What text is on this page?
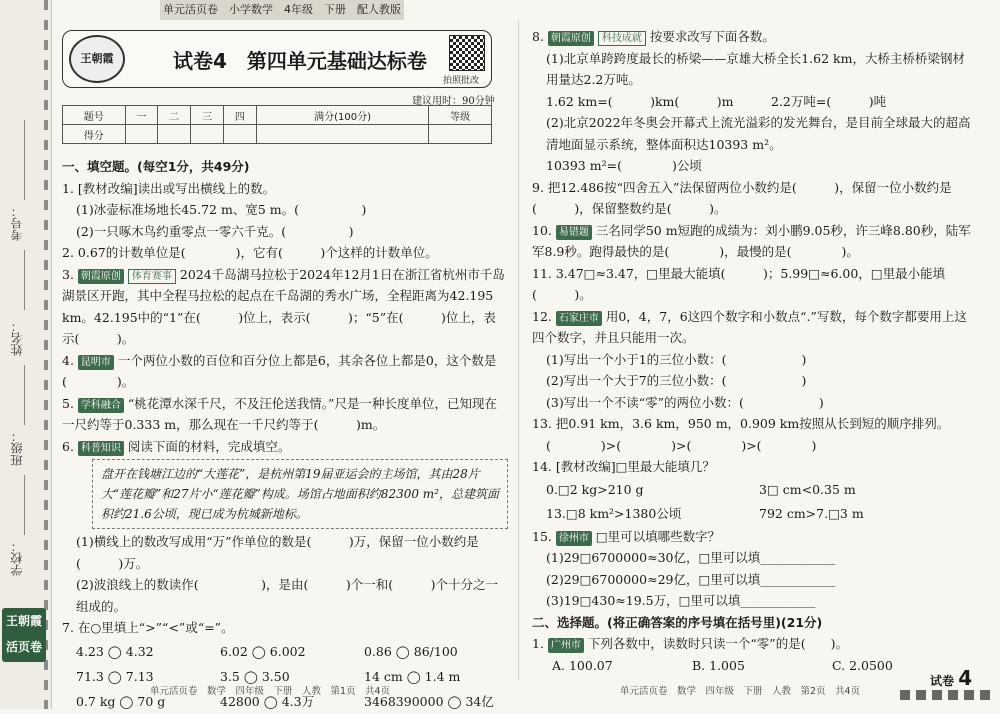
考号：
姓名：
班级：
学校：
王朝霞活页卷
单元活页卷　小学数学　4年级　下册　配人教版
王朝霞	试卷4　第四单元基础达标卷
拍照批改
建议用时：90分钟
题号	一	二	三	四	满分(100分)	等级
得分						
一、填空题。(每空1分，共49分)
1. [教材改编]读出或写出横线上的数。
(1)冰壶标准场地长45.72 m、宽5 m。(　　　　　)
(2)一只啄木鸟约重零点一零六千克。(　　　　　)
2. 0.67的计数单位是(　　　　)，它有(　　　)个这样的计数单位。
3. 朝霞原创 体育赛事 2024千岛湖马拉松于2024年12月1日在浙江省杭州市千岛湖景区开跑，其中全程马拉松的起点在千岛湖的秀水广场，全程距离为42.195 km。42.195中的“1”在(　　　)位上，表示(　　　)；“5”在(　　　)位上，表示(　　　)。
4. 昆明市 一个两位小数的百位和百分位上都是6，其余各位上都是0，这个数是(　　　　)。
5. 学科融合 “桃花潭水深千尺，不及汪伦送我情。”尺是一种长度单位，已知现在一尺约等于0.333 m，那么现在一千尺约等于(　　　)m。
6. 科普知识 阅读下面的材料，完成填空。
盘开在钱塘江边的“大莲花”，是杭州第19届亚运会的主场馆，其由28片大“莲花瓣”和27片小“莲花瓣”构成。场馆占地面积约82300 m²，总建筑面积约21.6公顷，现已成为杭城新地标。
(1)横线上的数改写成用“万”作单位的数是(　　　)万，保留一位小数约是(　　　)万。
(2)波浪线上的数读作(　　　　　)，是由(　　　)个一和(　　　)个十分之一组成的。
7. 在○里填上“>”“<”或“=”。
4.23 ◯ 4.32	6.02 ◯ 6.002	0.86 ◯ 86/100
71.3 ◯ 7.13	3.5 ◯ 3.50	14 cm ◯ 1.4 m
0.7 kg ◯ 70 g	42800 ◯ 4.3万	3468390000 ◯ 34亿
8. 朝霞原创 科技成就 按要求改写下面各数。
(1)北京单跨跨度最长的桥梁——京雄大桥全长1.62 km，大桥主桥桥梁钢材用量达2.2万吨。
1.62 km=(　　　)km(　　　)m　　　2.2万吨=(　　　)吨
(2)北京2022年冬奥会开幕式上流光溢彩的发光舞台，是目前全球最大的超高清地面显示系统，整体面积达10393 m²。
10393 m²=(　　　　)公顷
9. 把12.486按“四舍五入”法保留两位小数约是(　　　)，保留一位小数约是(　　　)，保留整数约是(　　　)。
10. 易错题 三名同学50 m短跑的成绩为：刘小鹏9.05秒，许三峰8.80秒，陆军军8.9秒。跑得最快的是(　　　　)，最慢的是(　　　　)。
11. 3.47□≈3.47，□里最大能填(　　　)；5.99□≈6.00，□里最小能填(　　　)。
12. 石家庄市 用0，4，7，6这四个数字和小数点“.”写数，每个数字都要用上这四个数字，并且只能用一次。
(1)写出一个小于1的三位小数：(　　　　　　)
(2)写出一个大于7的三位小数：(　　　　　　)
(3)写出一个不读“零”的两位小数：(　　　　　　)
13. 把0.91 km，3.6 km，950 m，0.909 km按照从长到短的顺序排列。
(　　　　)>(　　　　)>(　　　　)>(　　　　)
14. [教材改编]□里最大能填几？
0.□2 kg>210 g	3□ cm<0.35 m
13.□8 km²>1380公顷	792 cm>7.□3 m
15. 徐州市 □里可以填哪些数字？
(1)29□6700000≈30亿，□里可以填____________
(2)29□6700000≈29亿，□里可以填____________
(3)19□430≈19.5万，□里可以填____________
二、选择题。(将正确答案的序号填在括号里)(21分)
1. 广州市 下列各数中，读数时只读一个“零”的是(　　)。
A. 100.07	B. 1.005	C. 2.0500
单元活页卷　数学　四年级　下册　人教　第1页　共4页	单元活页卷　数学　四年级　下册　人教　第2页　共4页
试卷 4
